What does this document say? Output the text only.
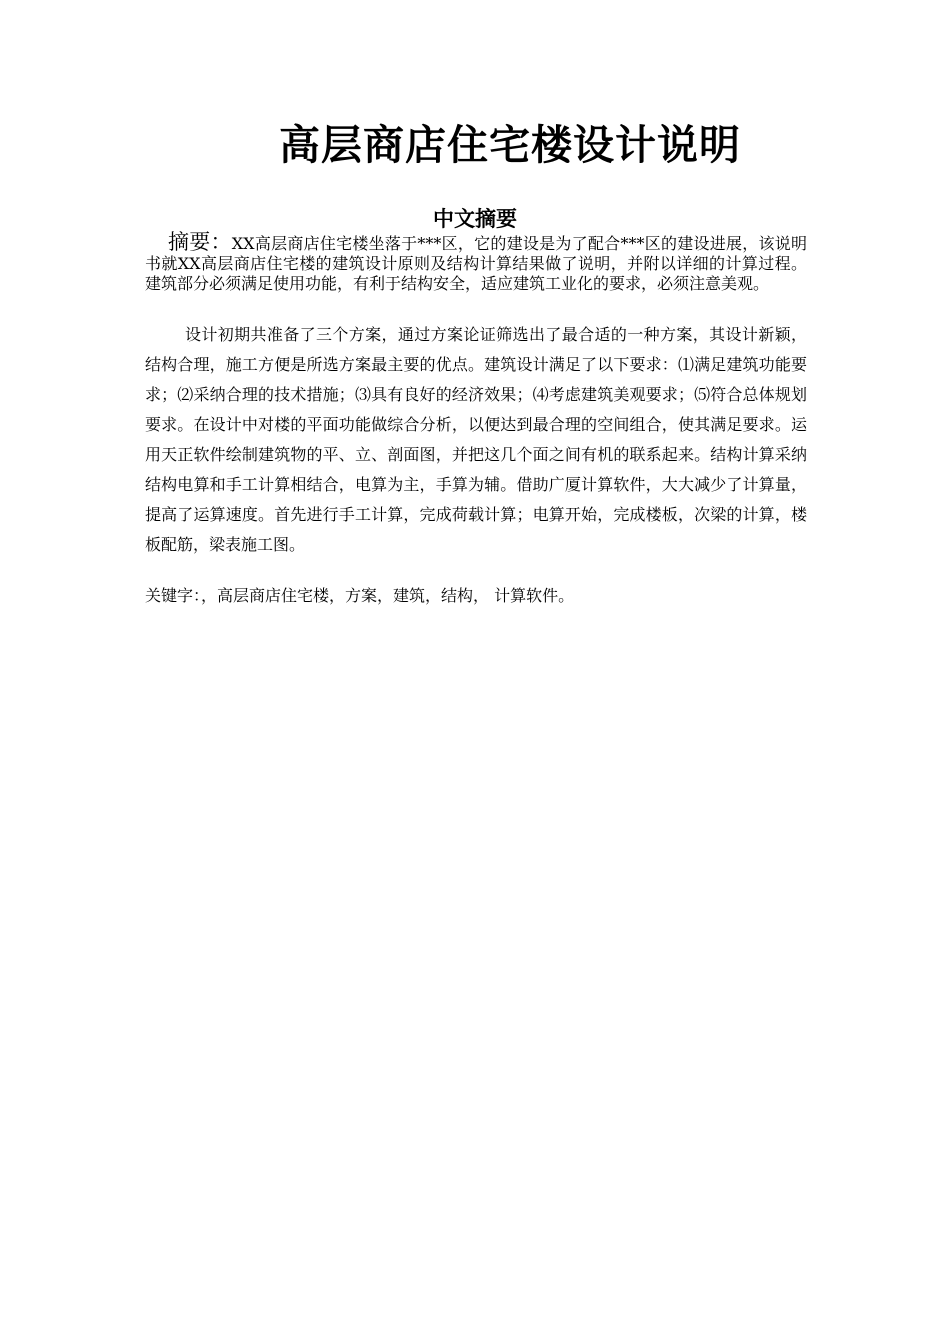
高层商店住宅楼设计说明
中文摘要

摘要：XX高层商店住宅楼坐落于***区，它的建设是为了配合***区的建设进展，该说明书就XX高层商店住宅楼的建筑设计原则及结构计算结果做了说明，并附以详细的计算过程。建筑部分必须满足使用功能，有利于结构安全，适应建筑工业化的要求，必须注意美观。

设计初期共准备了三个方案，通过方案论证筛选出了最合适的一种方案，其设计新颖，结构合理，施工方便是所选方案最主要的优点。建筑设计满足了以下要求：⑴满足建筑功能要求；⑵采纳合理的技术措施；⑶具有良好的经济效果；⑷考虑建筑美观要求；⑸符合总体规划要求。在设计中对楼的平面功能做综合分析，以便达到最合理的空间组合，使其满足要求。运用天正软件绘制建筑物的平、立、剖面图，并把这几个面之间有机的联系起来。结构计算采纳结构电算和手工计算相结合，电算为主，手算为辅。借助广厦计算软件，大大减少了计算量，提高了运算速度。首先进行手工计算，完成荷载计算；电算开始，完成楼板，次梁的计算，楼板配筋，梁表施工图。

关键字：，高层商店住宅楼，方案，建筑，结构， 计算软件。
